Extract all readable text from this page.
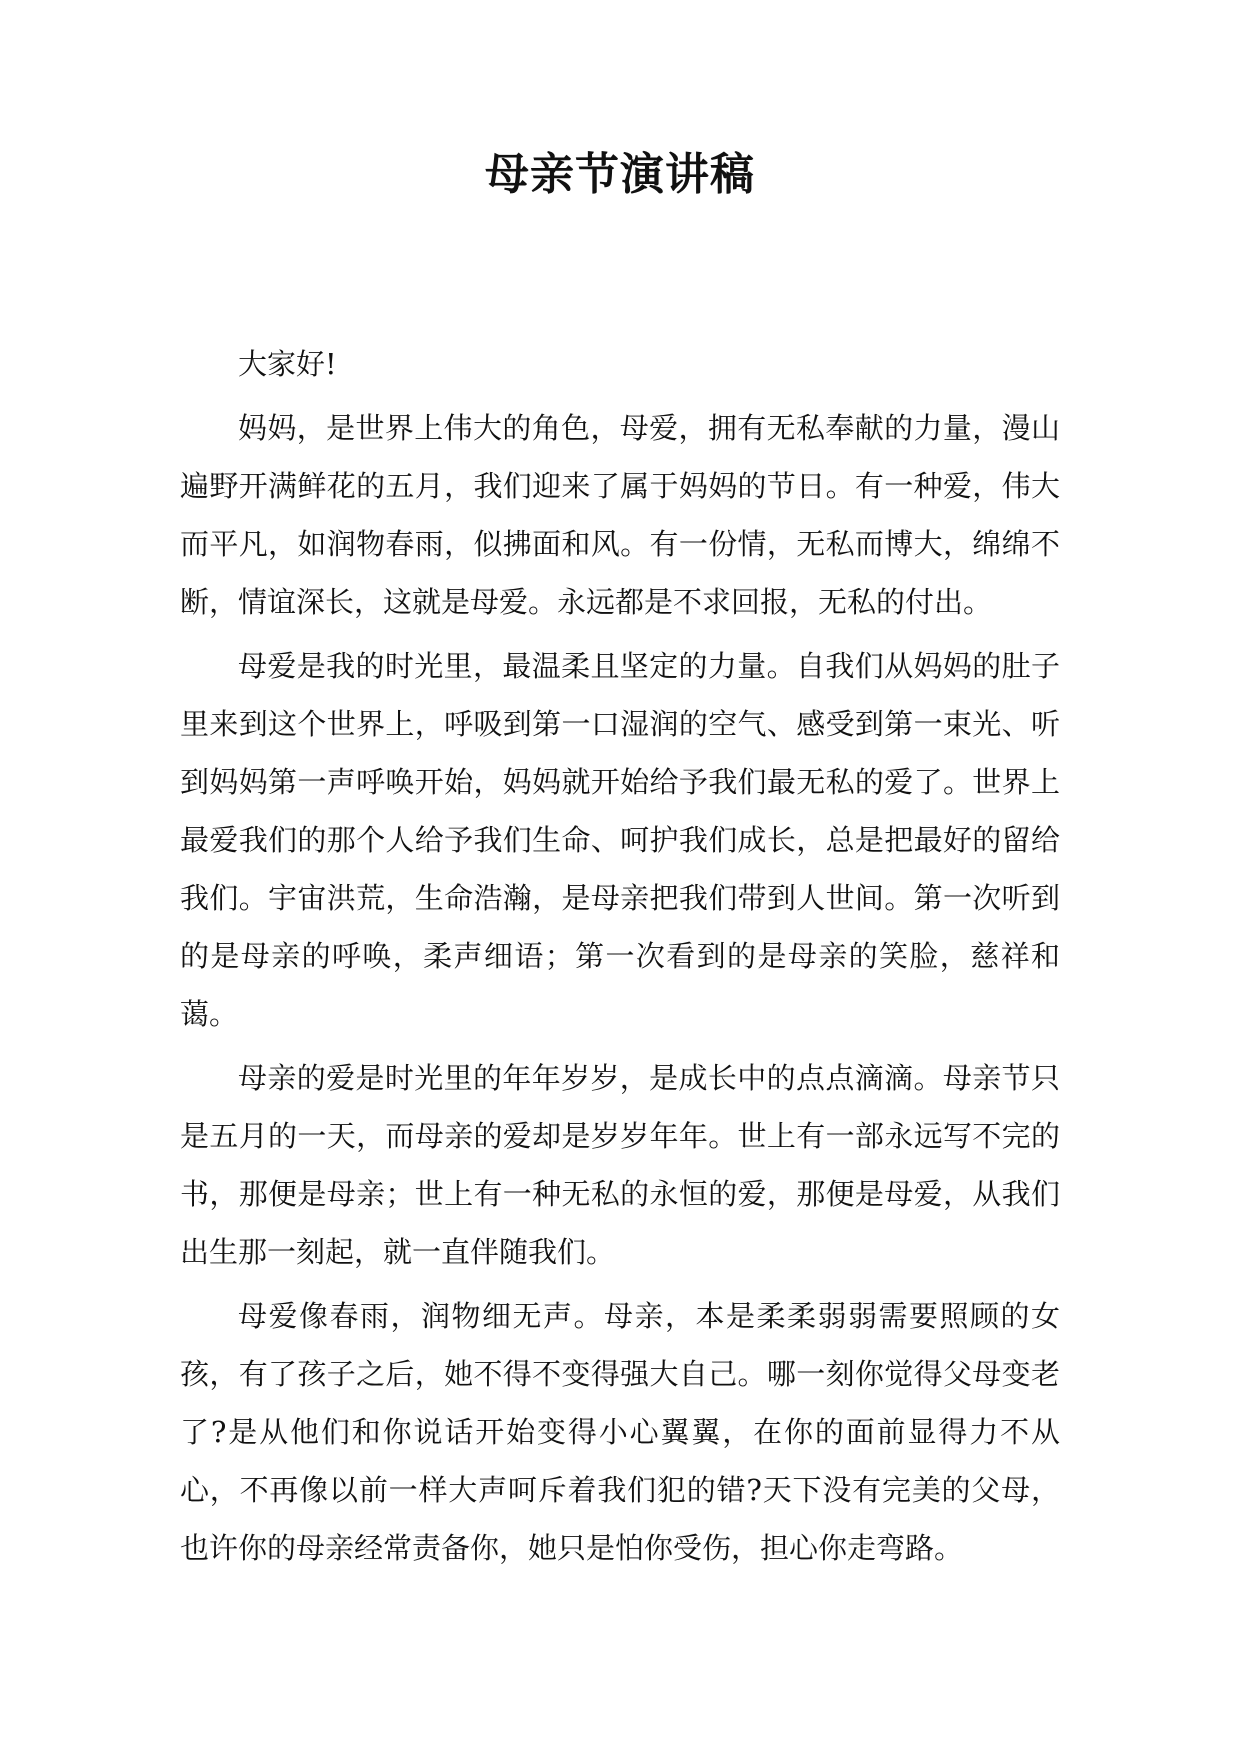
母亲节演讲稿

大家好!

妈妈，是世界上伟大的角色，母爱，拥有无私奉献的力量，漫山遍野开满鲜花的五月，我们迎来了属于妈妈的节日。有一种爱，伟大而平凡，如润物春雨，似拂面和风。有一份情，无私而博大，绵绵不断，情谊深长，这就是母爱。永远都是不求回报，无私的付出。

母爱是我的时光里，最温柔且坚定的力量。自我们从妈妈的肚子里来到这个世界上，呼吸到第一口湿润的空气、感受到第一束光、听到妈妈第一声呼唤开始，妈妈就开始给予我们最无私的爱了。世界上最爱我们的那个人给予我们生命、呵护我们成长，总是把最好的留给我们。宇宙洪荒，生命浩瀚，是母亲把我们带到人世间。第一次听到的是母亲的呼唤，柔声细语；第一次看到的是母亲的笑脸，慈祥和蔼。

母亲的爱是时光里的年年岁岁，是成长中的点点滴滴。母亲节只是五月的一天，而母亲的爱却是岁岁年年。世上有一部永远写不完的书，那便是母亲；世上有一种无私的永恒的爱，那便是母爱，从我们出生那一刻起，就一直伴随我们。

母爱像春雨，润物细无声。母亲，本是柔柔弱弱需要照顾的女孩，有了孩子之后，她不得不变得强大自己。哪一刻你觉得父母变老了?是从他们和你说话开始变得小心翼翼，在你的面前显得力不从心，不再像以前一样大声呵斥着我们犯的错?天下没有完美的父母，也许你的母亲经常责备你，她只是怕你受伤，担心你走弯路。
